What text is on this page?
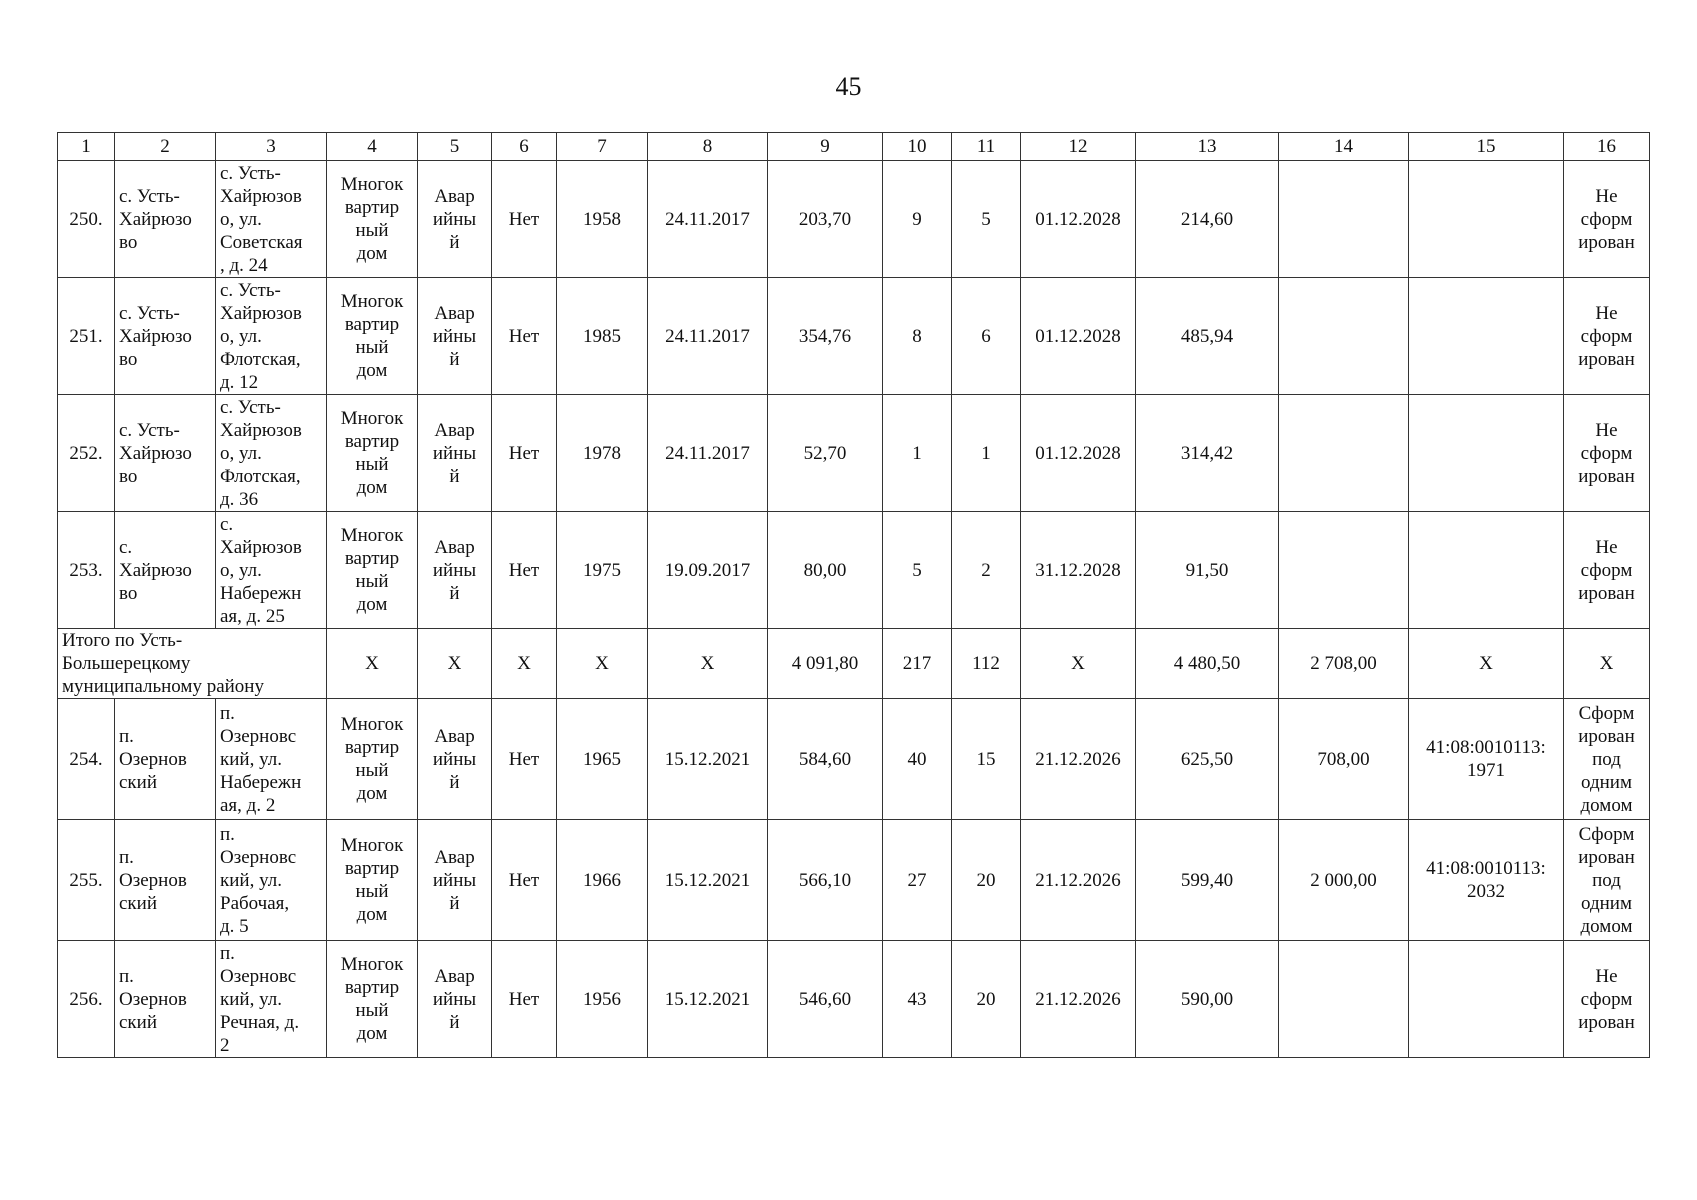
45
1	2	3	4	5	6	7	8	9	10	11	12	13	14	15	16
250.	с. Усть-
Хайрюзо
во	с. Усть-
Хайрюзов
о, ул.
Советская
, д. 24	Многок
вартир
ный
дом	Авар
ийны
й	Нет	1958	24.11.2017	203,70	9	5	01.12.2028	214,60			Не
сформ
ирован
251.	с. Усть-
Хайрюзо
во	с. Усть-
Хайрюзов
о, ул.
Флотская,
д. 12	Многок
вартир
ный
дом	Авар
ийны
й	Нет	1985	24.11.2017	354,76	8	6	01.12.2028	485,94			Не
сформ
ирован
252.	с. Усть-
Хайрюзо
во	с. Усть-
Хайрюзов
о, ул.
Флотская,
д. 36	Многок
вартир
ный
дом	Авар
ийны
й	Нет	1978	24.11.2017	52,70	1	1	01.12.2028	314,42			Не
сформ
ирован
253.	с.
Хайрюзо
во	с.
Хайрюзов
о, ул.
Набережн
ая, д. 25	Многок
вартир
ный
дом	Авар
ийны
й	Нет	1975	19.09.2017	80,00	5	2	31.12.2028	91,50			Не
сформ
ирован
Итого по Усть-
Большерецкому
муниципальному району			Х	Х	Х	Х	Х	4 091,80	217	112	Х	4 480,50	2 708,00	Х	Х
254.	п.
Озернов
ский	п.
Озерновс
кий, ул.
Набережн
ая, д. 2	Многок
вартир
ный
дом	Авар
ийны
й	Нет	1965	15.12.2021	584,60	40	15	21.12.2026	625,50	708,00	41:08:0010113:
1971	Сформ
ирован
под
одним
домом
255.	п.
Озернов
ский	п.
Озерновс
кий, ул.
Рабочая,
д. 5	Многок
вартир
ный
дом	Авар
ийны
й	Нет	1966	15.12.2021	566,10	27	20	21.12.2026	599,40	2 000,00	41:08:0010113:
2032	Сформ
ирован
под
одним
домом
256.	п.
Озернов
ский	п.
Озерновс
кий, ул.
Речная, д.
2	Многок
вартир
ный
дом	Авар
ийны
й	Нет	1956	15.12.2021	546,60	43	20	21.12.2026	590,00			Не
сформ
ирован
